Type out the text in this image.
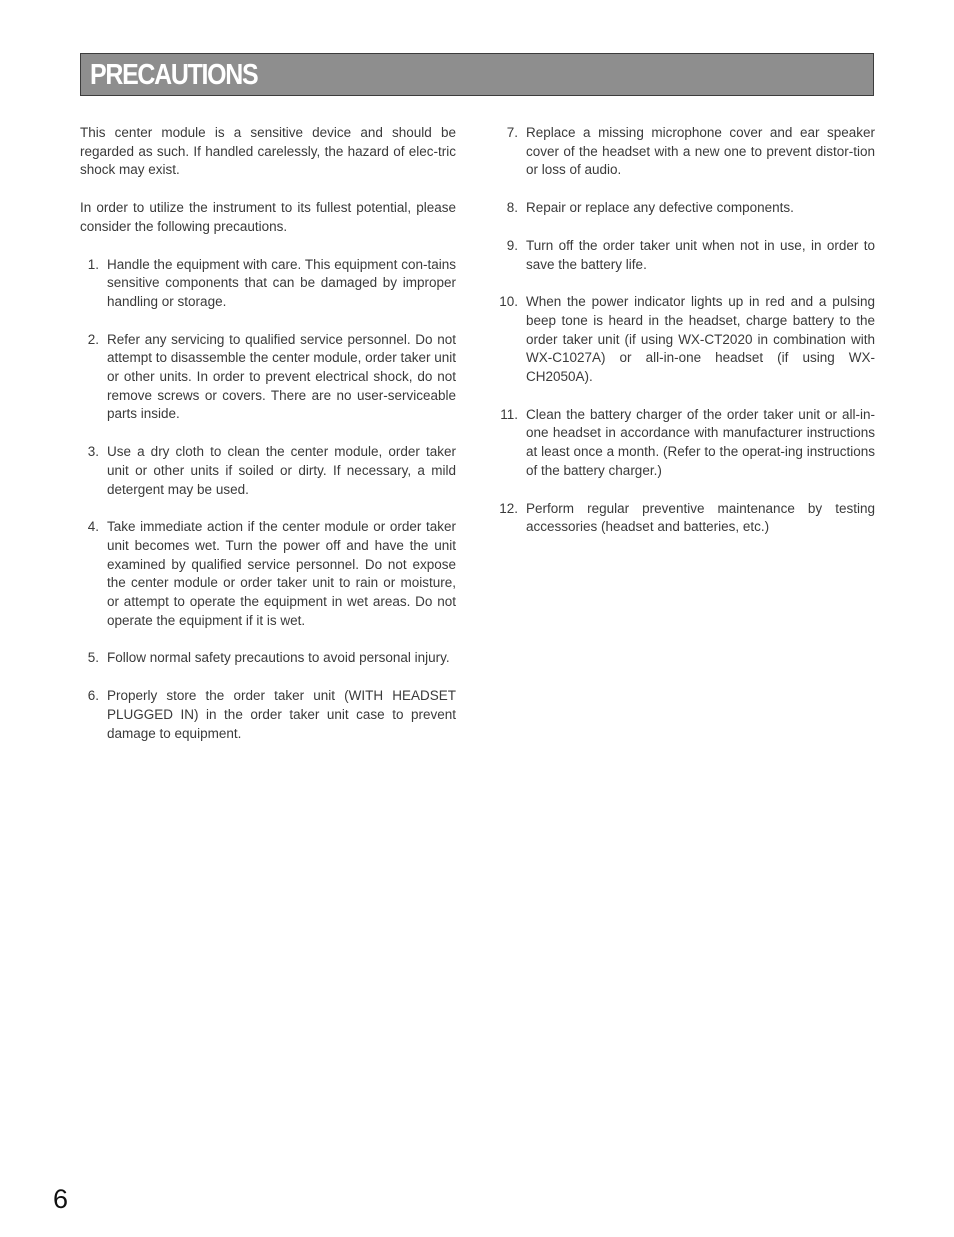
PRECAUTIONS

This center module is a sensitive device and should be regarded as such. If handled carelessly, the hazard of elec-tric shock may exist.

In order to utilize the instrument to its fullest potential, please consider the following precautions.

1. Handle the equipment with care. This equipment con-tains sensitive components that can be damaged by improper handling or storage.
2. Refer any servicing to qualified service personnel. Do not attempt to disassemble the center module, order taker unit or other units. In order to prevent electrical shock, do not remove screws or covers. There are no user-serviceable parts inside.
3. Use a dry cloth to clean the center module, order taker unit or other units if soiled or dirty. If necessary, a mild detergent may be used.
4. Take immediate action if the center module or order taker unit becomes wet. Turn the power off and have the unit examined by qualified service personnel. Do not expose the center module or order taker unit to rain or moisture, or attempt to operate the equipment in wet areas. Do not operate the equipment if it is wet.
5. Follow normal safety precautions to avoid personal injury.
6. Properly store the order taker unit (WITH HEADSET PLUGGED IN) in the order taker unit case to prevent damage to equipment.
7. Replace a missing microphone cover and ear speaker cover of the headset with a new one to prevent distor-tion or loss of audio.
8. Repair or replace any defective components.
9. Turn off the order taker unit when not in use, in order to save the battery life.
10. When the power indicator lights up in red and a pulsing beep tone is heard in the headset, charge battery to the order taker unit (if using WX-CT2020 in combination with WX-C1027A) or all-in-one headset (if using WX-CH2050A).
11. Clean the battery charger of the order taker unit or all-in-one headset in accordance with manufacturer instructions at least once a month. (Refer to the operat-ing instructions of the battery charger.)
12. Perform regular preventive maintenance by testing accessories (headset and batteries, etc.)
6
